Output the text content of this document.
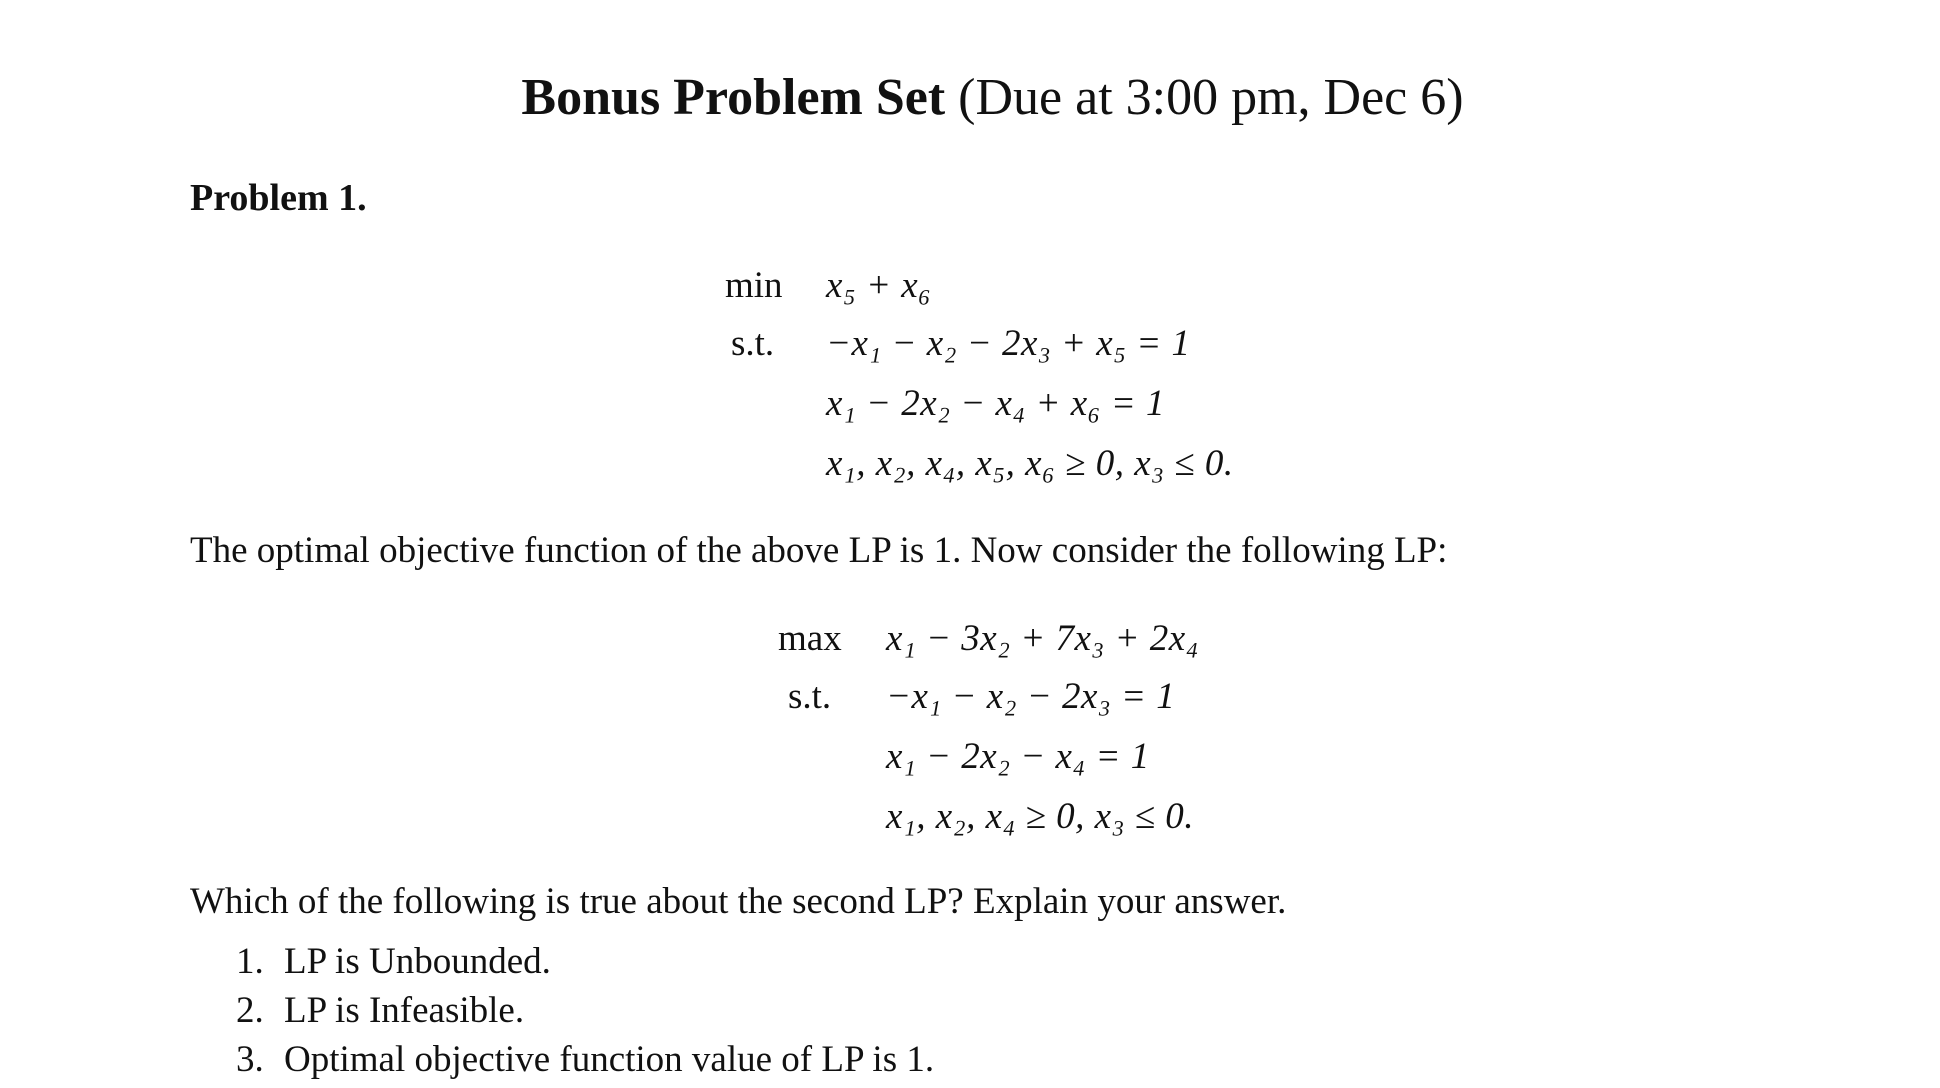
Bonus Problem Set (Due at 3:00 pm, Dec 6)
Problem 1.
min x₅ + x₆
s.t. −x₁ − x₂ − 2x₃ + x₅ = 1
x₁ − 2x₂ − x₄ + x₆ = 1
x₁, x₂, x₄, x₅, x₆ ≥ 0, x₃ ≤ 0.
The optimal objective function of the above LP is 1. Now consider the following LP:
max x₁ − 3x₂ + 7x₃ + 2x₄
s.t. −x₁ − x₂ − 2x₃ = 1
x₁ − 2x₂ − x₄ = 1
x₁, x₂, x₄ ≥ 0, x₃ ≤ 0.
Which of the following is true about the second LP? Explain your answer.
1. LP is Unbounded.
2. LP is Infeasible.
3. Optimal objective function value of LP is 1.
